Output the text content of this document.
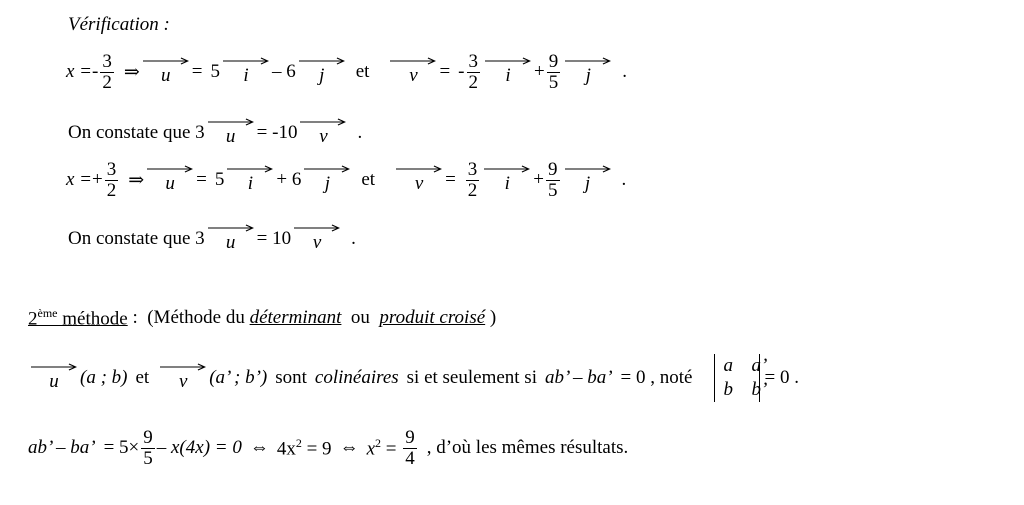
Vérification :
x = - $\frac{3}{2}$ ⇒	u	= 5	i	– 6	j	et	v	= - $\frac{3}{2}$	i	+ $\frac{9}{5}$	j	.
On constate que 3	u	= -10	v	.
x = + $\frac{3}{2}$ ⇒	u	= 5	i	+ 6	j	et	v	= $\frac{3}{2}$	i	+ $\frac{9}{5}$	j	.
On constate que 3	u	= 10	v	.
2ème méthode :  (Méthode du déterminant ou produit croisé )
u	(a ; b) et	v	(a’ ; b’) sont colinéaires si et seulement si ab’ – ba’ = 0 , noté
a a’
b b’
= 0 .
ab’ – ba’ = $5\times \frac{9}{5} - x(4x) = 0$ ⇔ $4x^2 = 9$ ⇔ $x^2 = \frac{9}{4}$ , d’où les mêmes résultats.
